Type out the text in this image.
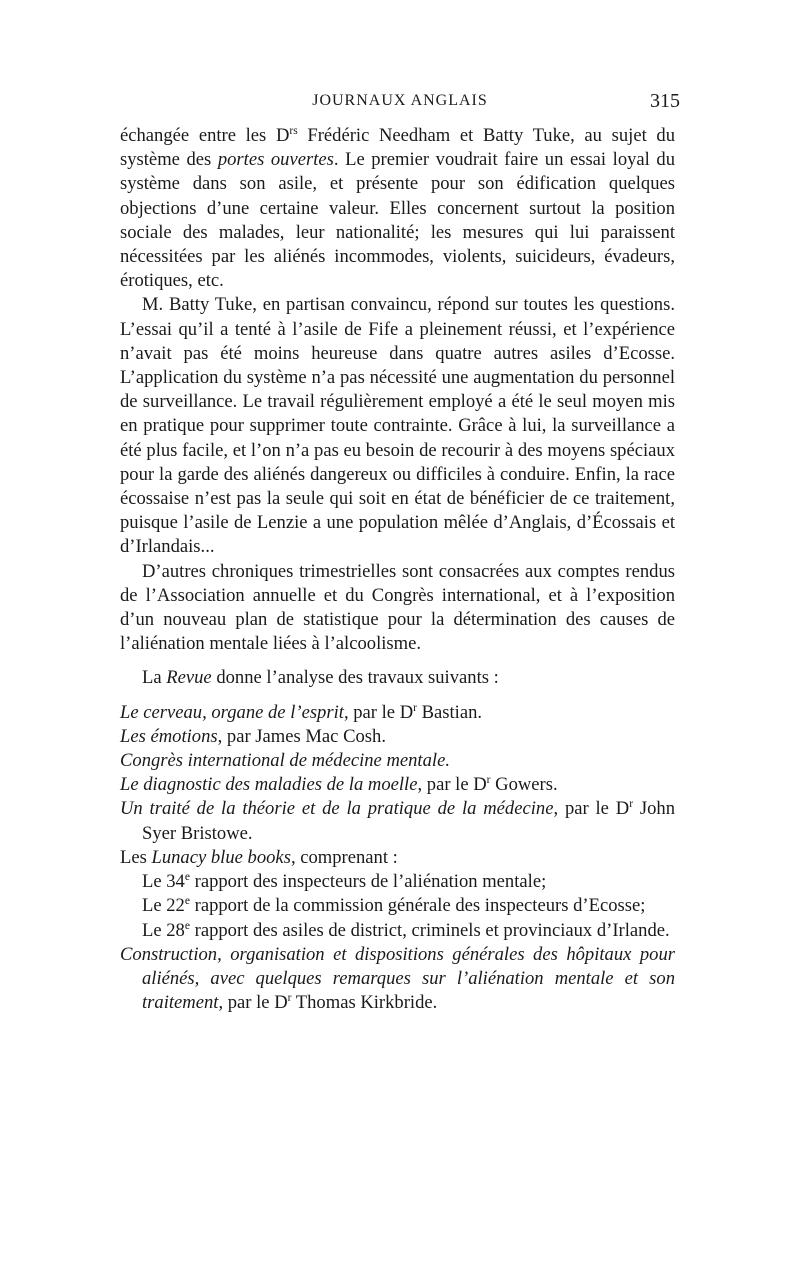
JOURNAUX ANGLAIS	315

échangée entre les $D^{rs}$ Frédéric Needham et Batty Tuke, au sujet du système des portes ouvertes. Le premier voudrait faire un essai loyal du système dans son asile, et présente pour son édification quelques objections d’une certaine valeur. Elles concernent surtout la position sociale des malades, leur nationalité; les mesures qui lui paraissent nécessitées par les aliénés incommodes, violents, suicideurs, évadeurs, érotiques, etc.

M. Batty Tuke, en partisan convaincu, répond sur toutes les questions. L’essai qu’il a tenté à l’asile de Fife a pleinement réussi, et l’expérience n’avait pas été moins heureuse dans quatre autres asiles d’Ecosse. L’application du système n’a pas nécessité une augmentation du personnel de surveillance. Le travail régulièrement employé a été le seul moyen mis en pratique pour supprimer toute contrainte. Grâce à lui, la surveillance a été plus facile, et l’on n’a pas eu besoin de recourir à des moyens spéciaux pour la garde des aliénés dangereux ou difficiles à conduire. Enfin, la race écossaise n’est pas la seule qui soit en état de bénéficier de ce traitement, puisque l’asile de Lenzie a une population mêlée d’Anglais, d’Écossais et d’Irlandais...

D’autres chroniques trimestrielles sont consacrées aux comptes rendus de l’Association annuelle et du Congrès international, et à l’exposition d’un nouveau plan de statistique pour la détermination des causes de l’aliénation mentale liées à l’alcoolisme.

La Revue donne l’analyse des travaux suivants :

Le cerveau, organe de l’esprit, par le $D^r$ Bastian.

Les émotions, par James Mac Cosh.

Congrès international de médecine mentale.

Le diagnostic des maladies de la moelle, par le $D^r$ Gowers.

Un traité de la théorie et de la pratique de la médecine, par le $D^r$ John Syer Bristowe.

Les Lunacy blue books, comprenant :

Le 34e rapport des inspecteurs de l’aliénation mentale;

Le 22e rapport de la commission générale des inspecteurs d’Ecosse;

Le 28e rapport des asiles de district, criminels et provinciaux d’Irlande.

Construction, organisation et dispositions générales des hôpitaux pour aliénés, avec quelques remarques sur l’aliénation mentale et son traitement, par le $D^r$ Thomas Kirkbride.
